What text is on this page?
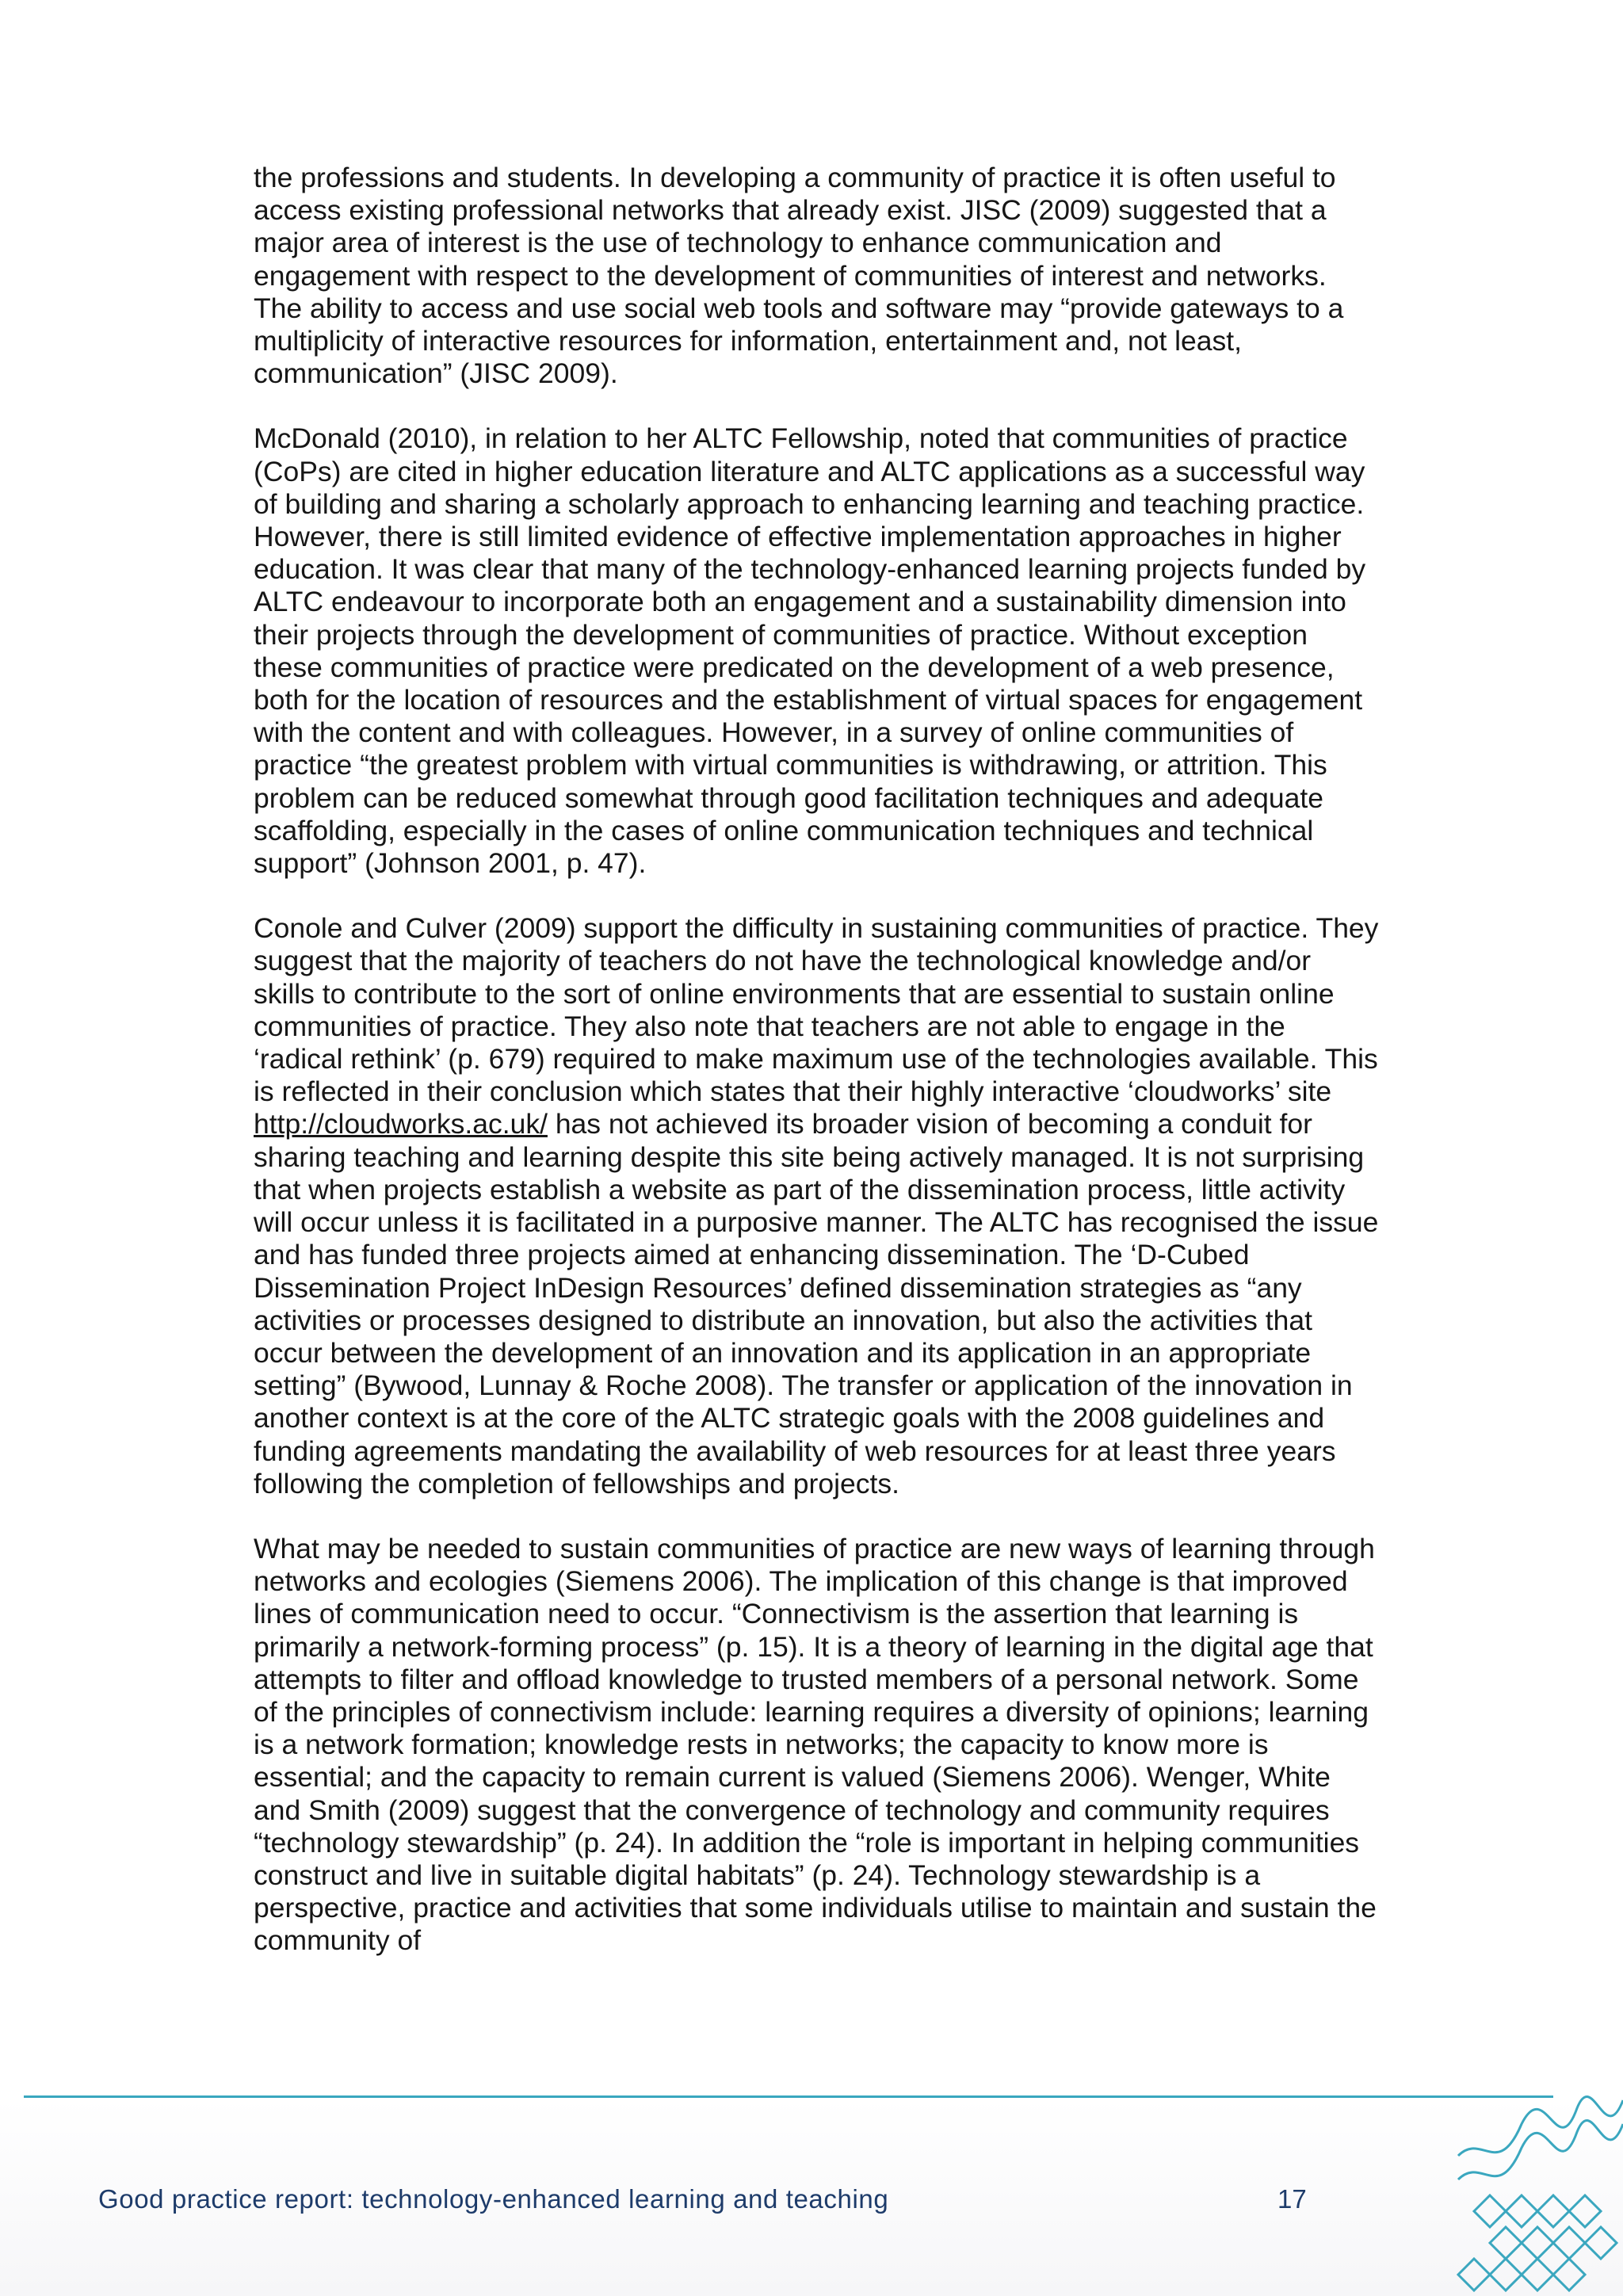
the professions and students. In developing a community of practice it is often useful to access existing professional networks that already exist. JISC (2009) suggested that a major area of interest is the use of technology to enhance communication and engagement with respect to the development of communities of interest and networks. The ability to access and use social web tools and software may “provide gateways to a multiplicity of interactive resources for information, entertainment and, not least, communication” (JISC 2009).

McDonald (2010), in relation to her ALTC Fellowship, noted that communities of practice (CoPs) are cited in higher education literature and ALTC applications as a successful way of building and sharing a scholarly approach to enhancing learning and teaching practice. However, there is still limited evidence of effective implementation approaches in higher education. It was clear that many of the technology-enhanced learning projects funded by ALTC endeavour to incorporate both an engagement and a sustainability dimension into their projects through the development of communities of practice. Without exception these communities of practice were predicated on the development of a web presence, both for the location of resources and the establishment of virtual spaces for engagement with the content and with colleagues. However, in a survey of online communities of practice “the greatest problem with virtual communities is withdrawing, or attrition. This problem can be reduced somewhat through good facilitation techniques and adequate scaffolding, especially in the cases of online communication techniques and technical support” (Johnson 2001, p. 47).

Conole and Culver (2009) support the difficulty in sustaining communities of practice. They suggest that the majority of teachers do not have the technological knowledge and/or skills to contribute to the sort of online environments that are essential to sustain online communities of practice. They also note that teachers are not able to engage in the ‘radical rethink’ (p. 679) required to make maximum use of the technologies available. This is reflected in their conclusion which states that their highly interactive ‘cloudworks’ site http://cloudworks.ac.uk/ has not achieved its broader vision of becoming a conduit for sharing teaching and learning despite this site being actively managed. It is not surprising that when projects establish a website as part of the dissemination process, little activity will occur unless it is facilitated in a purposive manner. The ALTC has recognised the issue and has funded three projects aimed at enhancing dissemination. The ‘D-Cubed Dissemination Project InDesign Resources’ defined dissemination strategies as “any activities or processes designed to distribute an innovation, but also the activities that occur between the development of an innovation and its application in an appropriate setting” (Bywood, Lunnay & Roche 2008). The transfer or application of the innovation in another context is at the core of the ALTC strategic goals with the 2008 guidelines and funding agreements mandating the availability of web resources for at least three years following the completion of fellowships and projects.

What may be needed to sustain communities of practice are new ways of learning through networks and ecologies (Siemens 2006). The implication of this change is that improved lines of communication need to occur. “Connectivism is the assertion that learning is primarily a network-forming process” (p. 15). It is a theory of learning in the digital age that attempts to filter and offload knowledge to trusted members of a personal network. Some of the principles of connectivism include: learning requires a diversity of opinions; learning is a network formation; knowledge rests in networks; the capacity to know more is essential; and the capacity to remain current is valued (Siemens 2006). Wenger, White and Smith (2009) suggest that the convergence of technology and community requires “technology stewardship” (p. 24). In addition the “role is important in helping communities construct and live in suitable digital habitats” (p. 24). Technology stewardship is a perspective, practice and activities that some individuals utilise to maintain and sustain the community of

Good practice report: technology-enhanced learning and teaching	17
